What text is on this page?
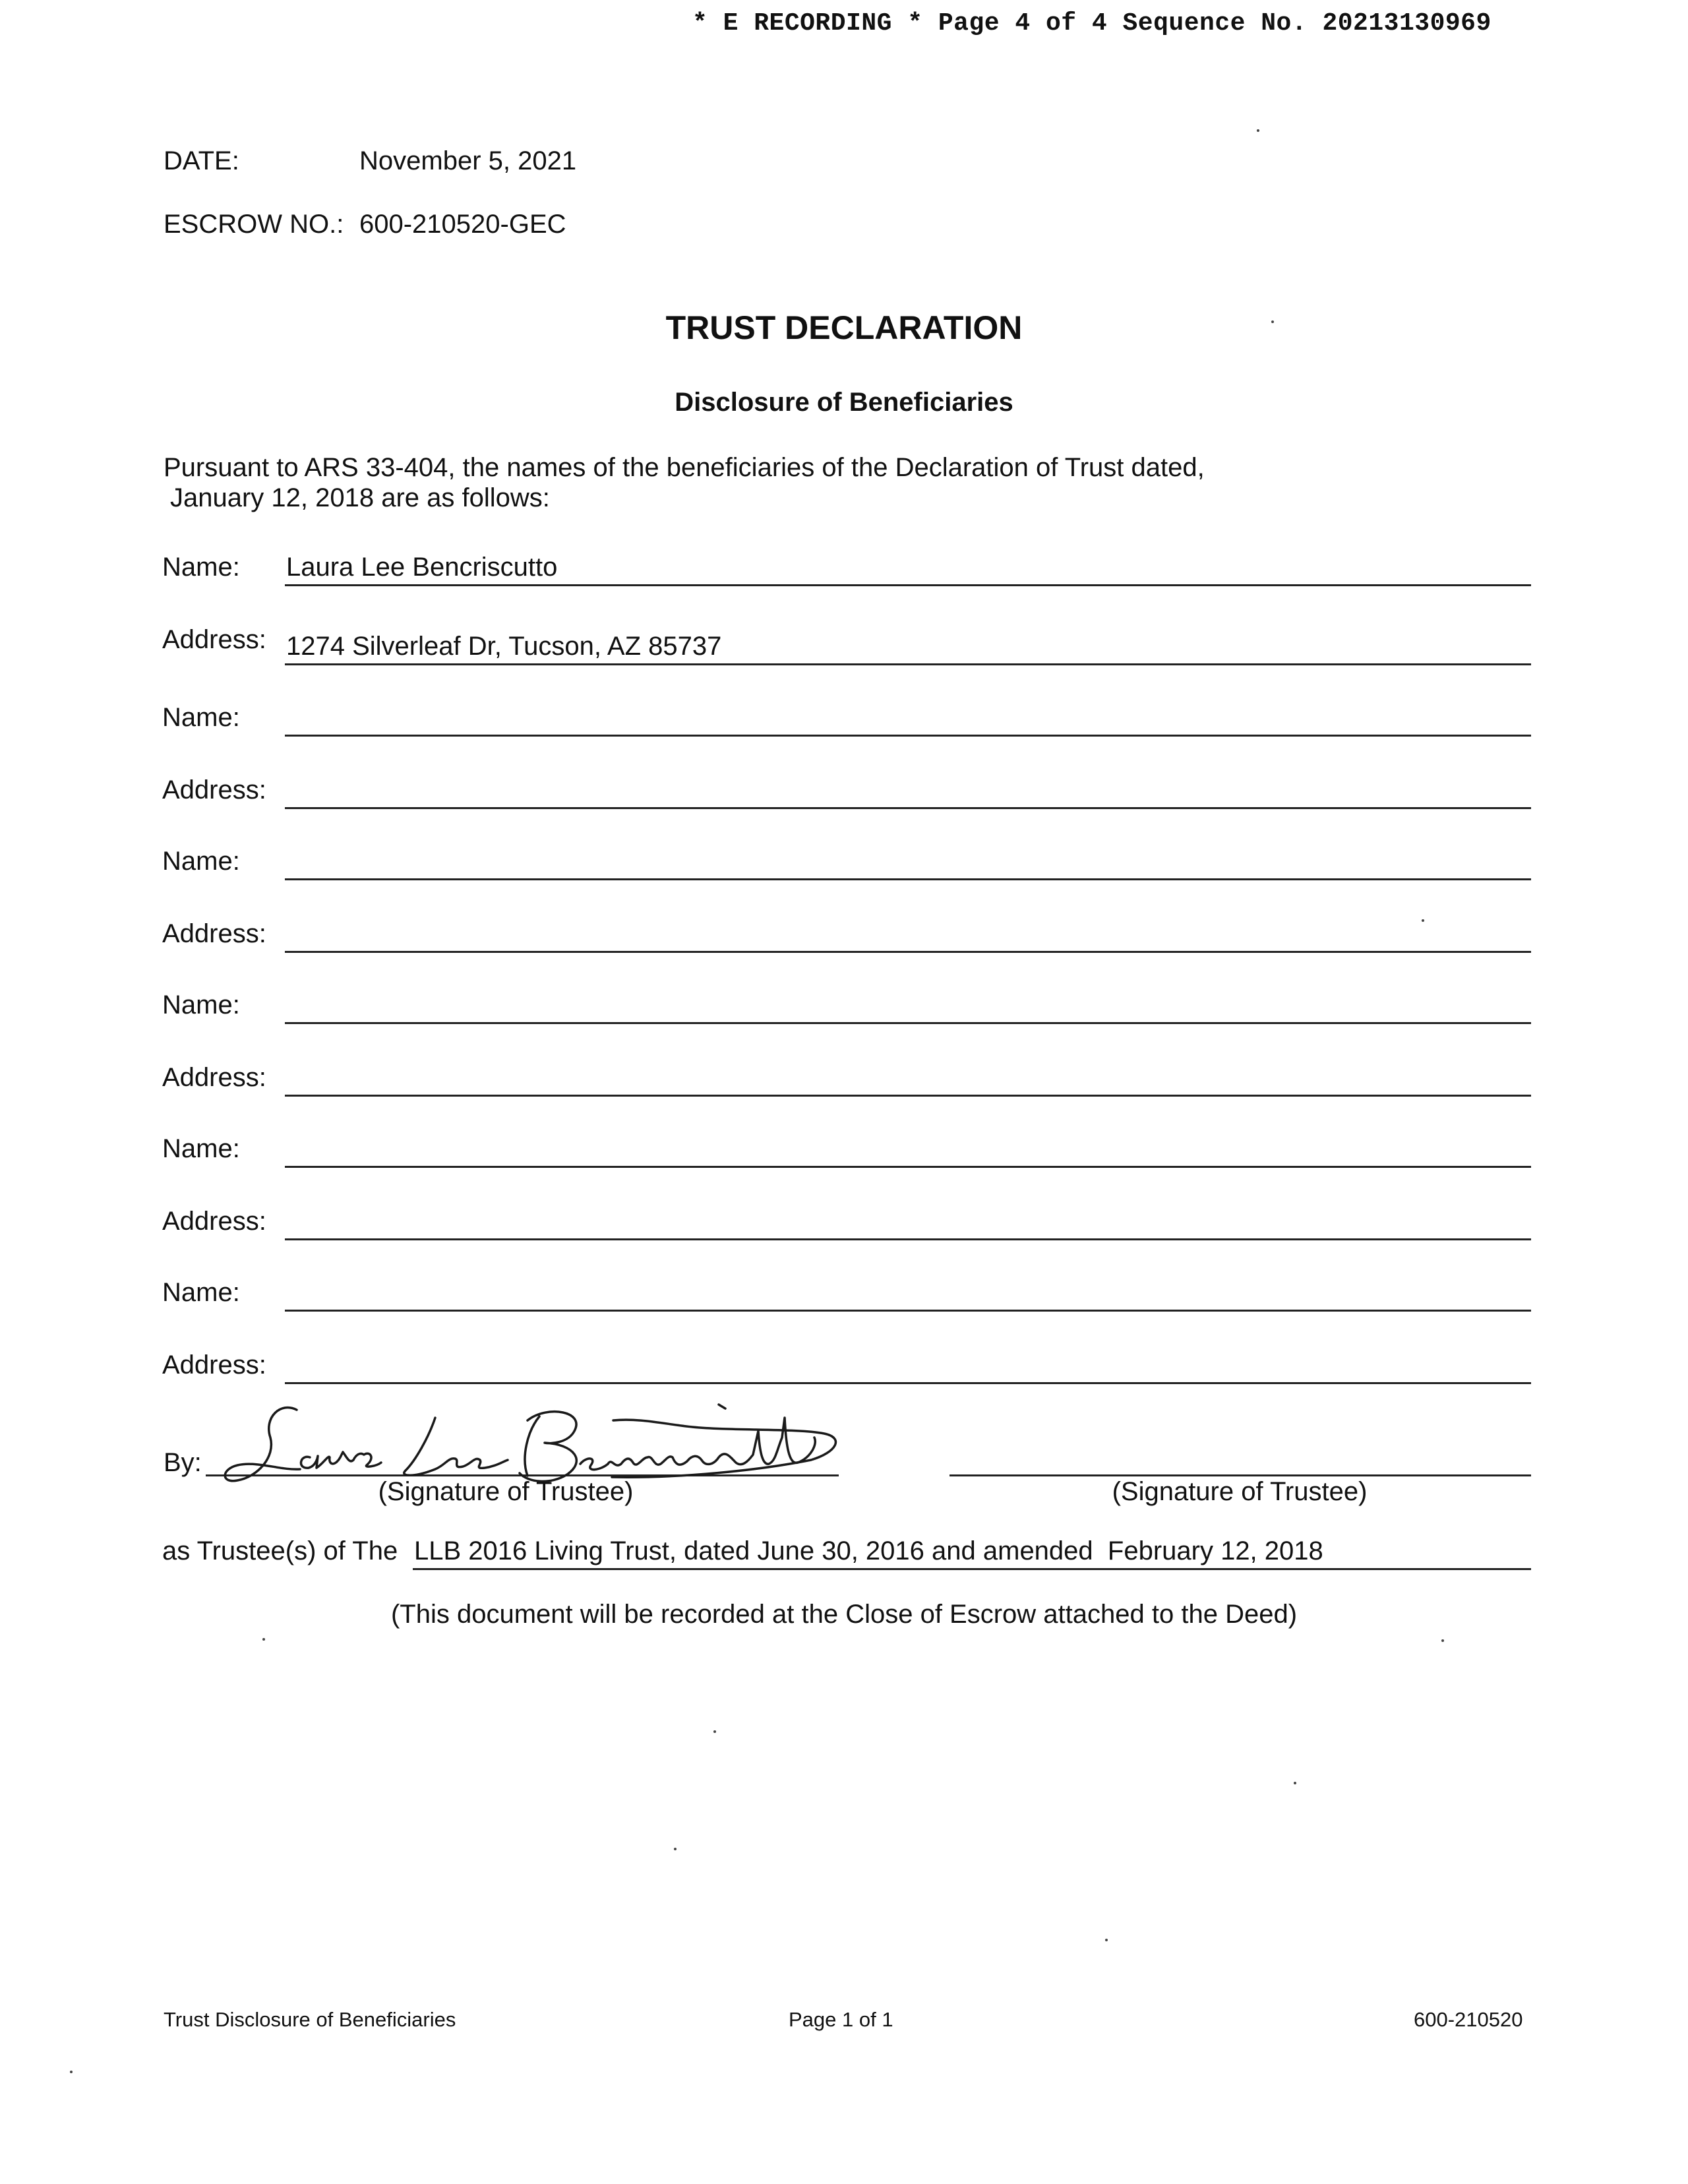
* E RECORDING * Page 4 of 4 Sequence No. 20213130969
DATE:	November 5, 2021
ESCROW NO.: 600-210520-GEC
TRUST DECLARATION
Disclosure of Beneficiaries
Pursuant to ARS 33-404, the names of the beneficiaries of the Declaration of Trust dated,
January 12, 2018 are as follows:
Name: Laura Lee Bencriscutto
Address: 1274 Silverleaf Dr, Tucson, AZ 85737
Name:
Address:
Name:
Address:
Name:
Address:
Name:
Address:
Name:
Address:
By:
(Signature of Trustee)	(Signature of Trustee)
as Trustee(s) of The LLB 2016 Living Trust, dated June 30, 2016 and amended  February 12, 2018
(This document will be recorded at the Close of Escrow attached to the Deed)
Trust Disclosure of Beneficiaries	Page 1 of 1	600-210520
